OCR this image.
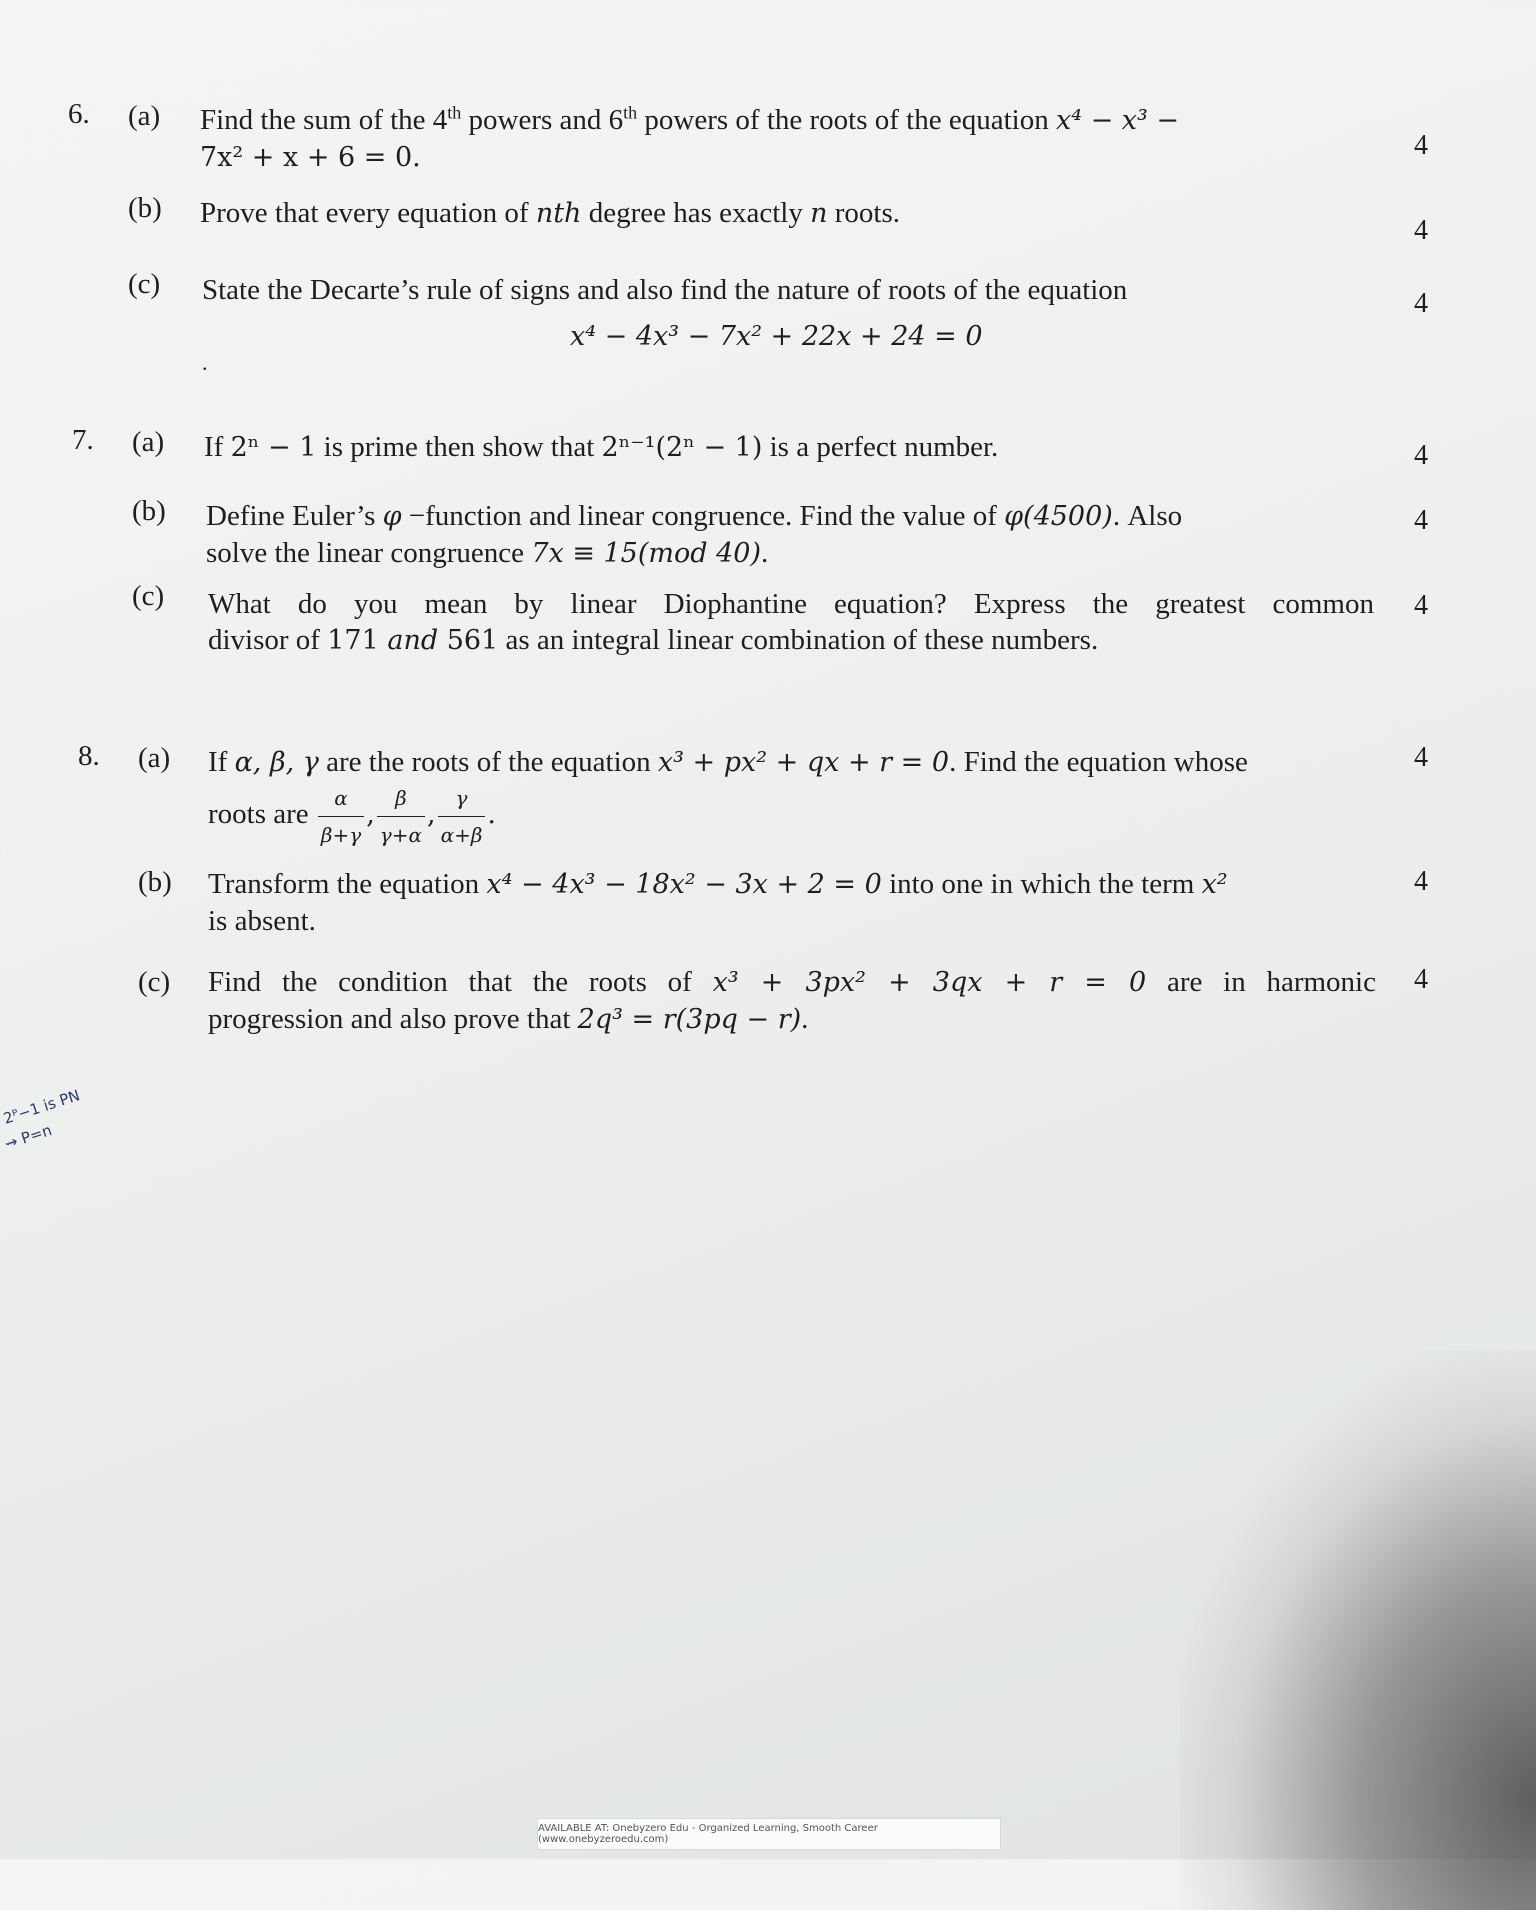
6. (a) Find the sum of the 4th powers and 6th powers of the roots of the equation x⁴ − x³ −
7x² + x + 6 = 0.	4
(b) Prove that every equation of nth degree has exactly n roots.
4
(c) State the Decarte’s rule of signs and also find the nature of roots of the equation
x⁴ − 4x³ − 7x² + 22x + 24 = 0
4
.
7. (a) If 2ⁿ − 1 is prime then show that 2ⁿ⁻¹(2ⁿ − 1) is a perfect number.	4
(b) Define Euler’s φ −function and linear congruence. Find the value of φ(4500). Also
solve the linear congruence 7x ≡ 15(mod 40).
4
(c) What do you mean by linear Diophantine equation? Express the greatest common
divisor of 171 and 561 as an integral linear combination of these numbers.
4
8. (a) If α, β, γ are the roots of the equation x³ + px² + qx + r = 0. Find the equation whose
roots are $\frac{\alpha}{\beta+\gamma}$ , $\frac{\beta}{\gamma+\alpha}$ , $\frac{\gamma}{\alpha+\beta}$ .
4
(b) Transform the equation x⁴ − 4x³ − 18x² − 3x + 2 = 0 into one in which the term x²
is absent.
4
(c) Find the condition that the roots of x³ + 3px² + 3qx + r = 0 are in harmonic
progression and also prove that 2q³ = r(3pq − r).
4
2ᴾ−1 is PN
⇝ P=n
AVAILABLE AT: Onebyzero Edu - Organized Learning, Smooth Career (www.onebyzeroedu.com)
